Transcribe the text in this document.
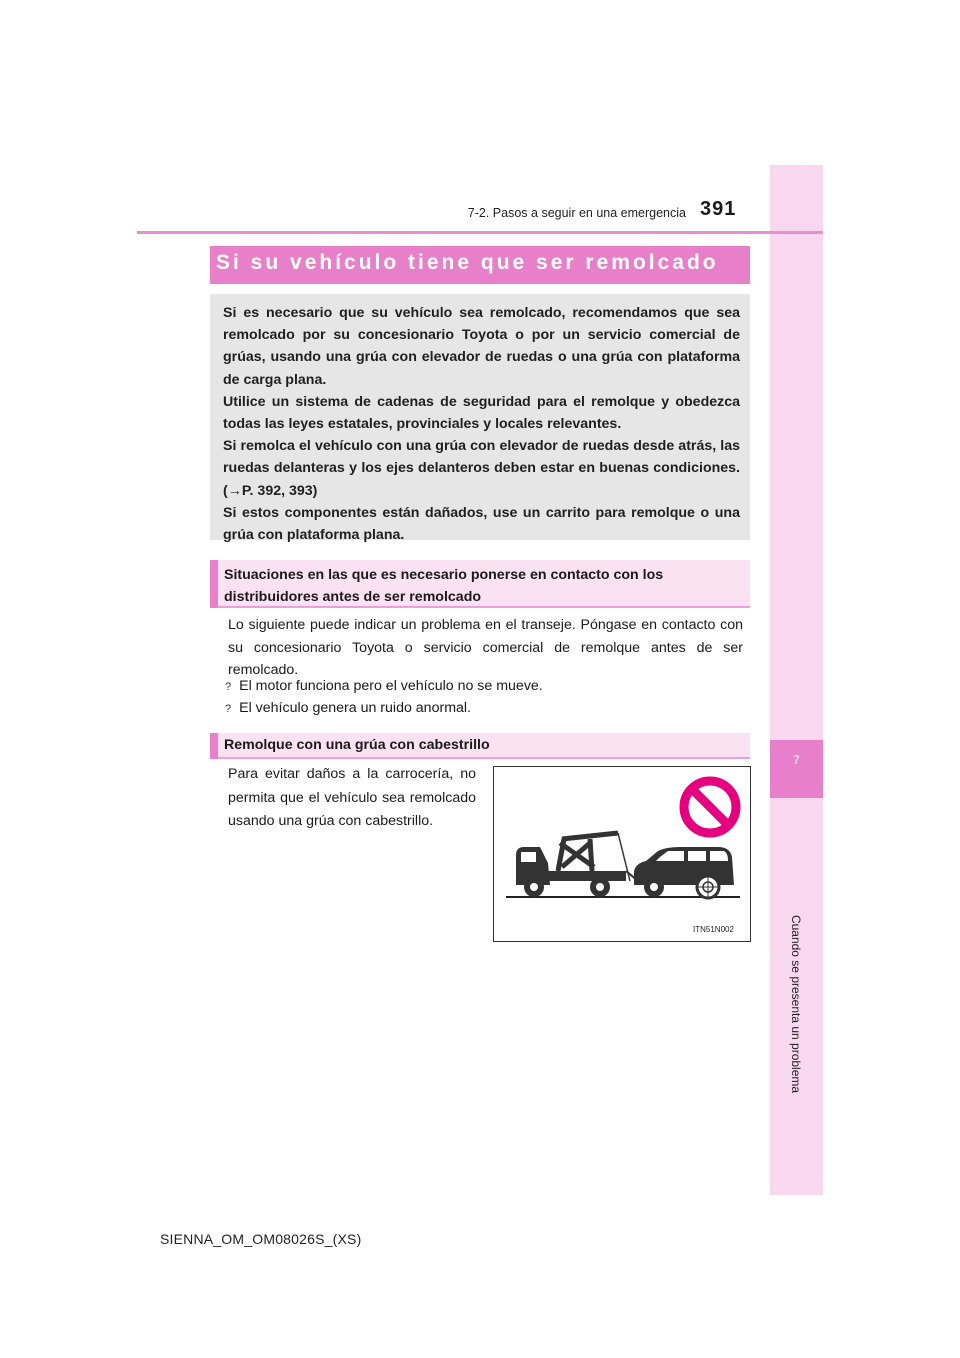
7
Cuando se presenta un problema
7-2. Pasos a seguir en una emergencia 391
Si su vehículo tiene que ser remolcado

Si es necesario que su vehículo sea remolcado, recomendamos que sea remolcado por su concesionario Toyota o por un servicio comercial de grúas, usando una grúa con elevador de ruedas o una grúa con plataforma de carga plana.

Utilice un sistema de cadenas de seguridad para el remolque y obedezca todas las leyes estatales, provinciales y locales relevantes.

Si remolca el vehículo con una grúa con elevador de ruedas desde atrás, las ruedas delanteras y los ejes delanteros deben estar en buenas condiciones. (→P. 392, 393)

Si estos componentes están dañados, use un carrito para remolque o una grúa con plataforma plana.

Situaciones en las que es necesario ponerse en contacto con los distribuidores antes de ser remolcado
Lo siguiente puede indicar un problema en el transeje. Póngase en contacto con su concesionario Toyota o servicio comercial de remolque antes de ser remolcado.
? El motor funciona pero el vehículo no se mueve.
? El vehículo genera un ruido anormal.
Remolque con una grúa con cabestrillo
Para evitar daños a la carrocería, no permita que el vehículo sea remolcado usando una grúa con cabestrillo.
ITN51N002
SIENNA_OM_OM08026S_(XS)
